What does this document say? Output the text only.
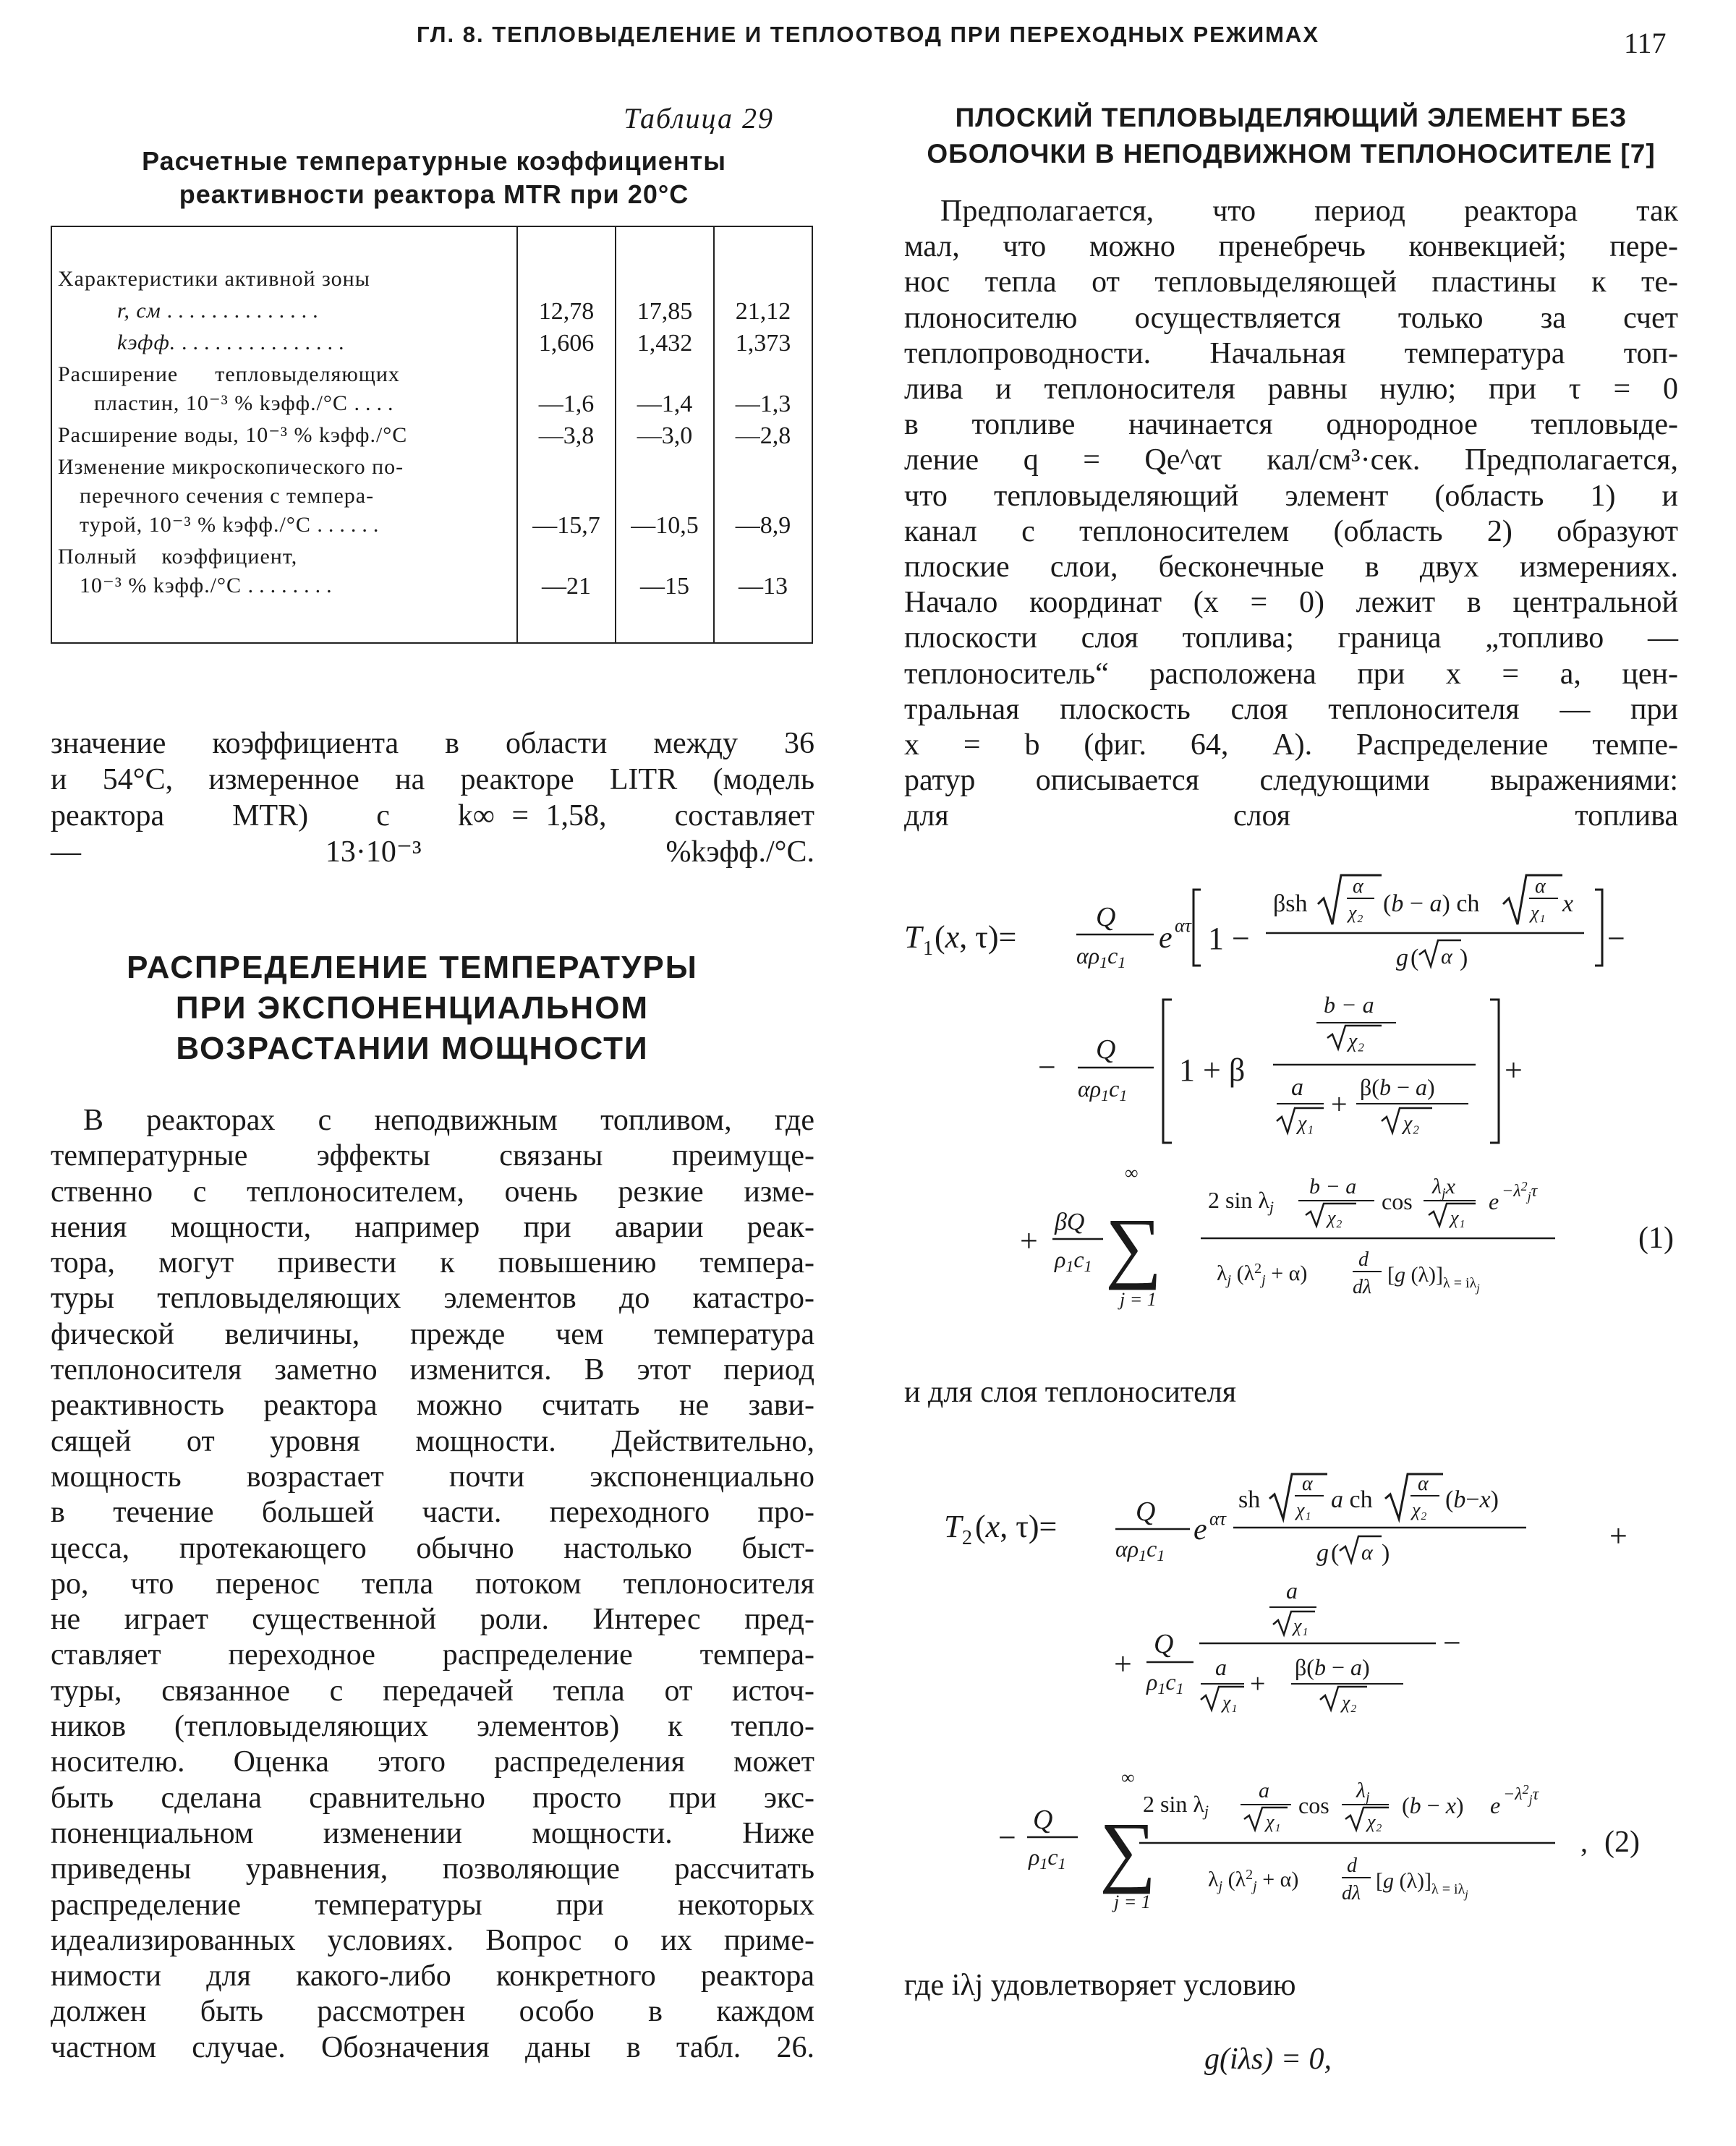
ГЛ. 8. ТЕПЛОВЫДЕЛЕНИЕ И ТЕПЛООТВОД ПРИ ПЕРЕХОДНЫХ РЕЖИМАХ	117
Таблица 29
Расчетные температурные коэффициенты
реактивности реактора MTR при 20°С
Характеристики активной зоны			
r, см ..............	12,78	17,85	21,12
kэфф. ...............	1,606	1,432	1,373

Расширение      тепловыделяющих
пластин, 10⁻³ % kэфф./°С ....	—1,6	—1,4	—1,3
Расширение воды, 10⁻³ % kэфф./°С	—3,8	—3,0	—2,8

Изменение микроскопического по-
перечного сечения с темпера-
турой, 10⁻³ % kэфф./°С ......	—15,7	—10,5	—8,9

Полный    коэффициент,
10⁻³ % kэфф./°С ........	—21	—15	—13
значение коэффициента в области между 36
и 54°С, измеренное на реакторе LITR (модель
реактора    MTR)    с    k∞ = 1,58,    составляет
— 13·10⁻³ %kэфф./°С.
РАСПРЕДЕЛЕНИЕ ТЕМПЕРАТУРЫ
ПРИ ЭКСПОНЕНЦИАЛЬНОМ
ВОЗРАСТАНИИ МОЩНОСТИ
В реакторах с неподвижным топливом, где
температурные эффекты связаны преимуще-
ственно с теплоносителем, очень резкие изме-
нения мощности, например при аварии реак-
тора, могут привести к повышению темпера-
туры тепловыделяющих элементов до катастро-
фической величины, прежде чем температура
теплоносителя заметно изменится. В этот период
реактивность реактора можно считать не зави-
сящей от уровня мощности. Действительно,
мощность возрастает почти экспоненциально
в течение большей части. переходного про-
цесса, протекающего обычно настолько быст-
ро, что перенос тепла потоком теплоносителя
не играет существенной роли. Интерес пред-
ставляет переходное распределение темпера-
туры, связанное с передачей тепла от источ-
ников (тепловыделяющих элементов) к тепло-
носителю. Оценка этого распределения может
быть сделана сравнительно просто при экс-
поненциальном изменении мощности. Ниже
приведены уравнения, позволяющие рассчитать
распределение температуры при некоторых
идеализированных условиях. Вопрос о их приме-
нимости для какого-либо конкретного реактора
должен быть рассмотрен особо в каждом
частном случае. Обозначения даны в табл. 26.
ПЛОСКИЙ ТЕПЛОВЫДЕЛЯЮЩИЙ ЭЛЕМЕНТ БЕЗ
ОБОЛОЧКИ В НЕПОДВИЖНОМ ТЕПЛОНОСИТЕЛЕ [7]
Предполагается, что период реактора так
мал, что можно пренебречь конвекцией; пере-
нос тепла от тепловыделяющей пластины к те-
плоносителю осуществляется только за счет
теплопроводности. Начальная температура топ-
лива и теплоносителя равны нулю; при τ = 0
в топливе начинается однородное тепловыде-
ление q = Qe^ατ кал/см³·сек. Предполагается,
что тепловыделяющий элемент (область 1) и
канал с теплоносителем (область 2) образуют
плоские слои, бесконечные в двух измерениях.
Начало координат (x = 0) лежит в центральной
плоскости слоя топлива; граница „топливо —
теплоноситель“ расположена при x = a, цен-
тральная плоскость слоя теплоносителя — при
x = b (фиг. 64, A). Распределение темпе-
ратур описывается следующими выражениями:
для слоя топлива
T 1 (x, τ)=
Q
αρ1c1
e ατ 1 −
βsh
α
χ₂ (b − a) ch
α
χ₁ x
g ( α )
−
− Q
αρ1c1
1 + β
b − a
χ₂
a
χ₁
+
β(b − a)
χ₂
+
+
βQ
ρ1c1
∞
∑
j = 1
2 sin λj
b − a
χ₂
cos
$\lambda_jx$
χ₁
$e -\lambda^2_j\tau$
$\lambda_j$ $(\lambda^2_j + \alpha)$
d
dλ
[g $(\lambda)]_{\lambda = i\lambda j}$
(1)
и для слоя теплоносителя
T 2 (x, τ)=	Q
αρ1c1
e ατ
sh
α
χ₁ a ch
α
χ₂ (b−x)
g ( α )	+
+
Q
ρ1c1
a
χ₁
a
χ₁
+
β(b − a)
χ₂
−
− Q
ρ1c1
∞
∑
j = 1
2 sin λj
a
χ₁
cos
$\lambda_j$
χ₂
(b − x) $e -\lambda^2_j\tau$
$\lambda_j$ $(\lambda^2_j + \alpha)$
d
dλ
[g $(\lambda)]_{\lambda = i\lambda j}$
, (2)
где iλj удовлетворяет условию
g(iλs) = 0,
